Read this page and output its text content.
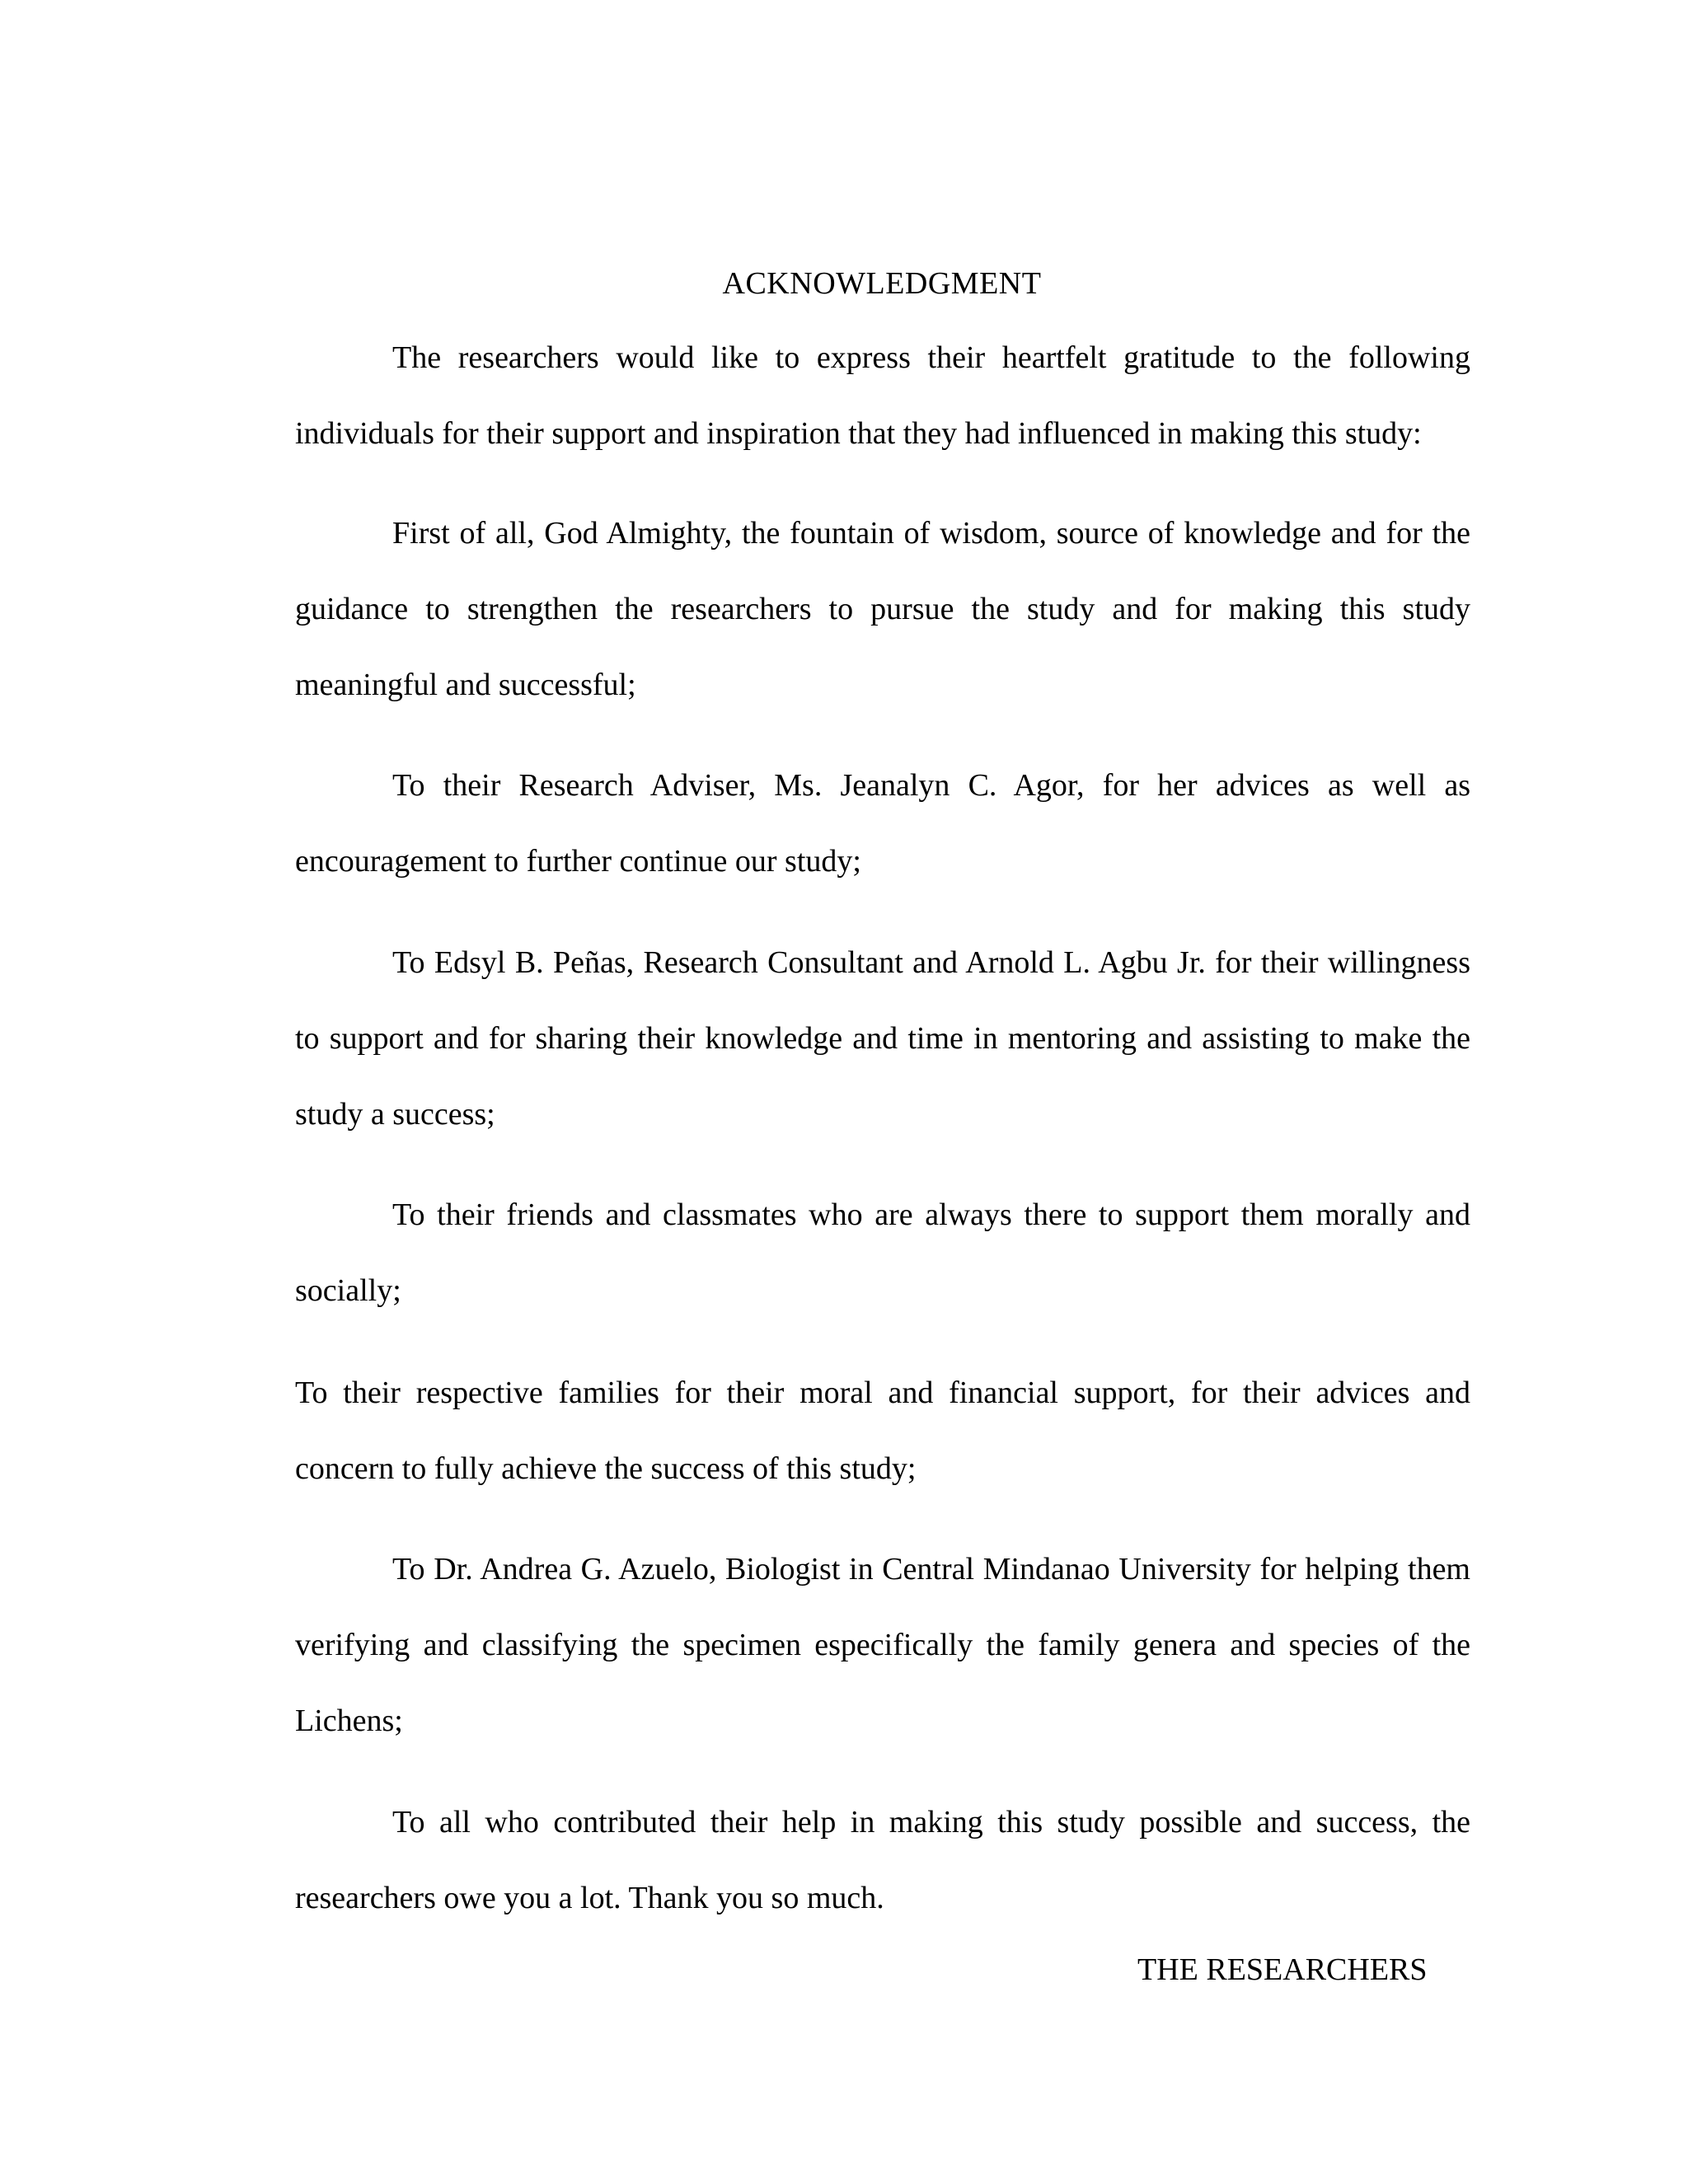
ACKNOWLEDGMENT

The researchers would like to express their heartfelt gratitude to the following individuals for their support and inspiration that they had influenced in making this study:

First of all, God Almighty, the fountain of wisdom, source of knowledge and for the guidance to strengthen the researchers to pursue the study and for making this study meaningful and successful;

To their Research Adviser, Ms. Jeanalyn C. Agor, for her advices as well as encouragement to further continue our study;

To Edsyl B. Peñas, Research Consultant and Arnold L. Agbu Jr. for their willingness to support and for sharing their knowledge and time in mentoring and assisting to make the study a success;

To their friends and classmates who are always there to support them morally and socially;

To their respective families for their moral and financial support, for their advices and concern to fully achieve the success of this study;

To Dr. Andrea G. Azuelo, Biologist in Central Mindanao University for helping them verifying and classifying the specimen especifically the family genera and species of the Lichens;

To all who contributed their help in making this study possible and success, the researchers owe you a lot. Thank you so much.

THE RESEARCHERS
